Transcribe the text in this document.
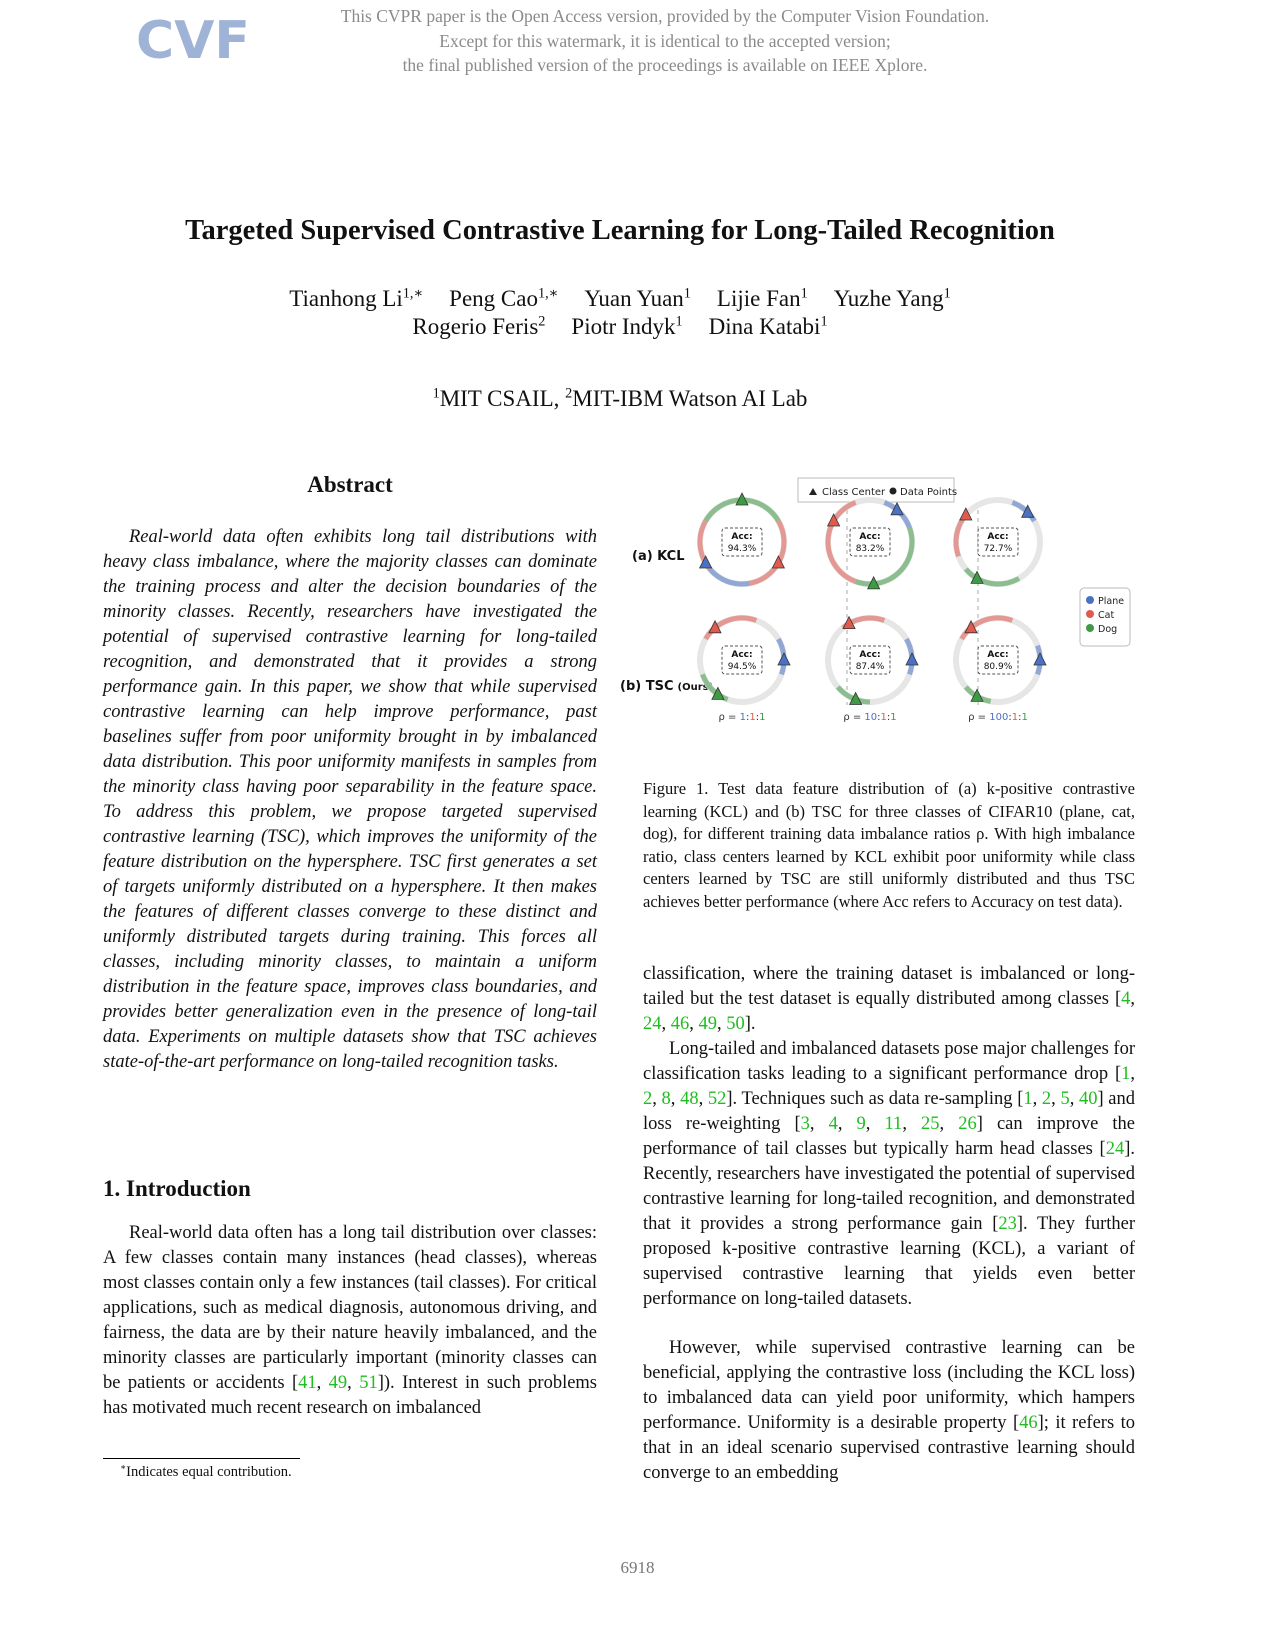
CVF	This CVPR paper is the Open Access version, provided by the Computer Vision Foundation.
Except for this watermark, it is identical to the accepted version;
the final published version of the proceedings is available on IEEE Xplore.
Targeted Supervised Contrastive Learning for Long-Tailed Recognition
Tianhong $Li^{1,∗}$ Peng Cao$^{1,∗}$ Yuan Yuan$^1$ Lijie Fan$^1$ Yuzhe Yang$^1$
Rogerio Feris$^2$ Piotr Indyk$^1$ Dina Katabi$^1$
$^1$MIT CSAIL, $^2$MIT-IBM Watson AI Lab
Abstract
Real-world data often exhibits long tail distributions with heavy class imbalance, where the majority classes can dominate the training process and alter the decision boundaries of the minority classes. Recently, researchers have investigated the potential of supervised contrastive learning for long-tailed recognition, and demonstrated that it provides a strong performance gain. In this paper, we show that while supervised contrastive learning can help improve performance, past baselines suffer from poor uniformity brought in by imbalanced data distribution. This poor uniformity manifests in samples from the minority class having poor separability in the feature space. To address this problem, we propose targeted supervised contrastive learning (TSC), which improves the uniformity of the feature distribution on the hypersphere. TSC first generates a set of targets uniformly distributed on a hypersphere. It then makes the features of different classes converge to these distinct and uniformly distributed targets during training. This forces all classes, including minority classes, to maintain a uniform distribution in the feature space, improves class boundaries, and provides better generalization even in the presence of long-tail data. Experiments on multiple datasets show that TSC achieves state-of-the-art performance on long-tailed recognition tasks.
1. Introduction
Real-world data often has a long tail distribution over classes: A few classes contain many instances (head classes), whereas most classes contain only a few instances (tail classes). For critical applications, such as medical diagnosis, autonomous driving, and fairness, the data are by their nature heavily imbalanced, and the minority classes are particularly important (minority classes can be patients or accidents [41, 49, 51]). Interest in such problems has motivated much recent research on imbalanced
∗Indicates equal contribution.
Class Center Data Points
(a) KCL
(b) TSC (Ours)
Plane
Cat
Dog
Acc:
94.3%
Acc:
83.2%
Acc:
72.7%
Acc:
94.5%
Acc:
87.4%
Acc:
80.9%
ρ = 1:1:1	ρ = 10:1:1	ρ = 100:1:1
Figure 1. Test data feature distribution of (a) k-positive contrastive learning (KCL) and (b) TSC for three classes of CIFAR10 (plane, cat, dog), for different training data imbalance ratios ρ. With high imbalance ratio, class centers learned by KCL exhibit poor uniformity while class centers learned by TSC are still uniformly distributed and thus TSC achieves better performance (where Acc refers to Accuracy on test data).
classification, where the training dataset is imbalanced or long-tailed but the test dataset is equally distributed among classes [4, 24, 46, 49, 50].
Long-tailed and imbalanced datasets pose major challenges for classification tasks leading to a significant performance drop [1, 2, 8, 48, 52]. Techniques such as data re-sampling [1, 2, 5, 40] and loss re-weighting [3, 4, 9, 11, 25, 26] can improve the performance of tail classes but typically harm head classes [24]. Recently, researchers have investigated the potential of supervised contrastive learning for long-tailed recognition, and demonstrated that it provides a strong performance gain [23]. They further proposed k-positive contrastive learning (KCL), a variant of supervised contrastive learning that yields even better performance on long-tailed datasets.
However, while supervised contrastive learning can be beneficial, applying the contrastive loss (including the KCL loss) to imbalanced data can yield poor uniformity, which hampers performance. Uniformity is a desirable property [46]; it refers to that in an ideal scenario supervised contrastive learning should converge to an embedding
6918
